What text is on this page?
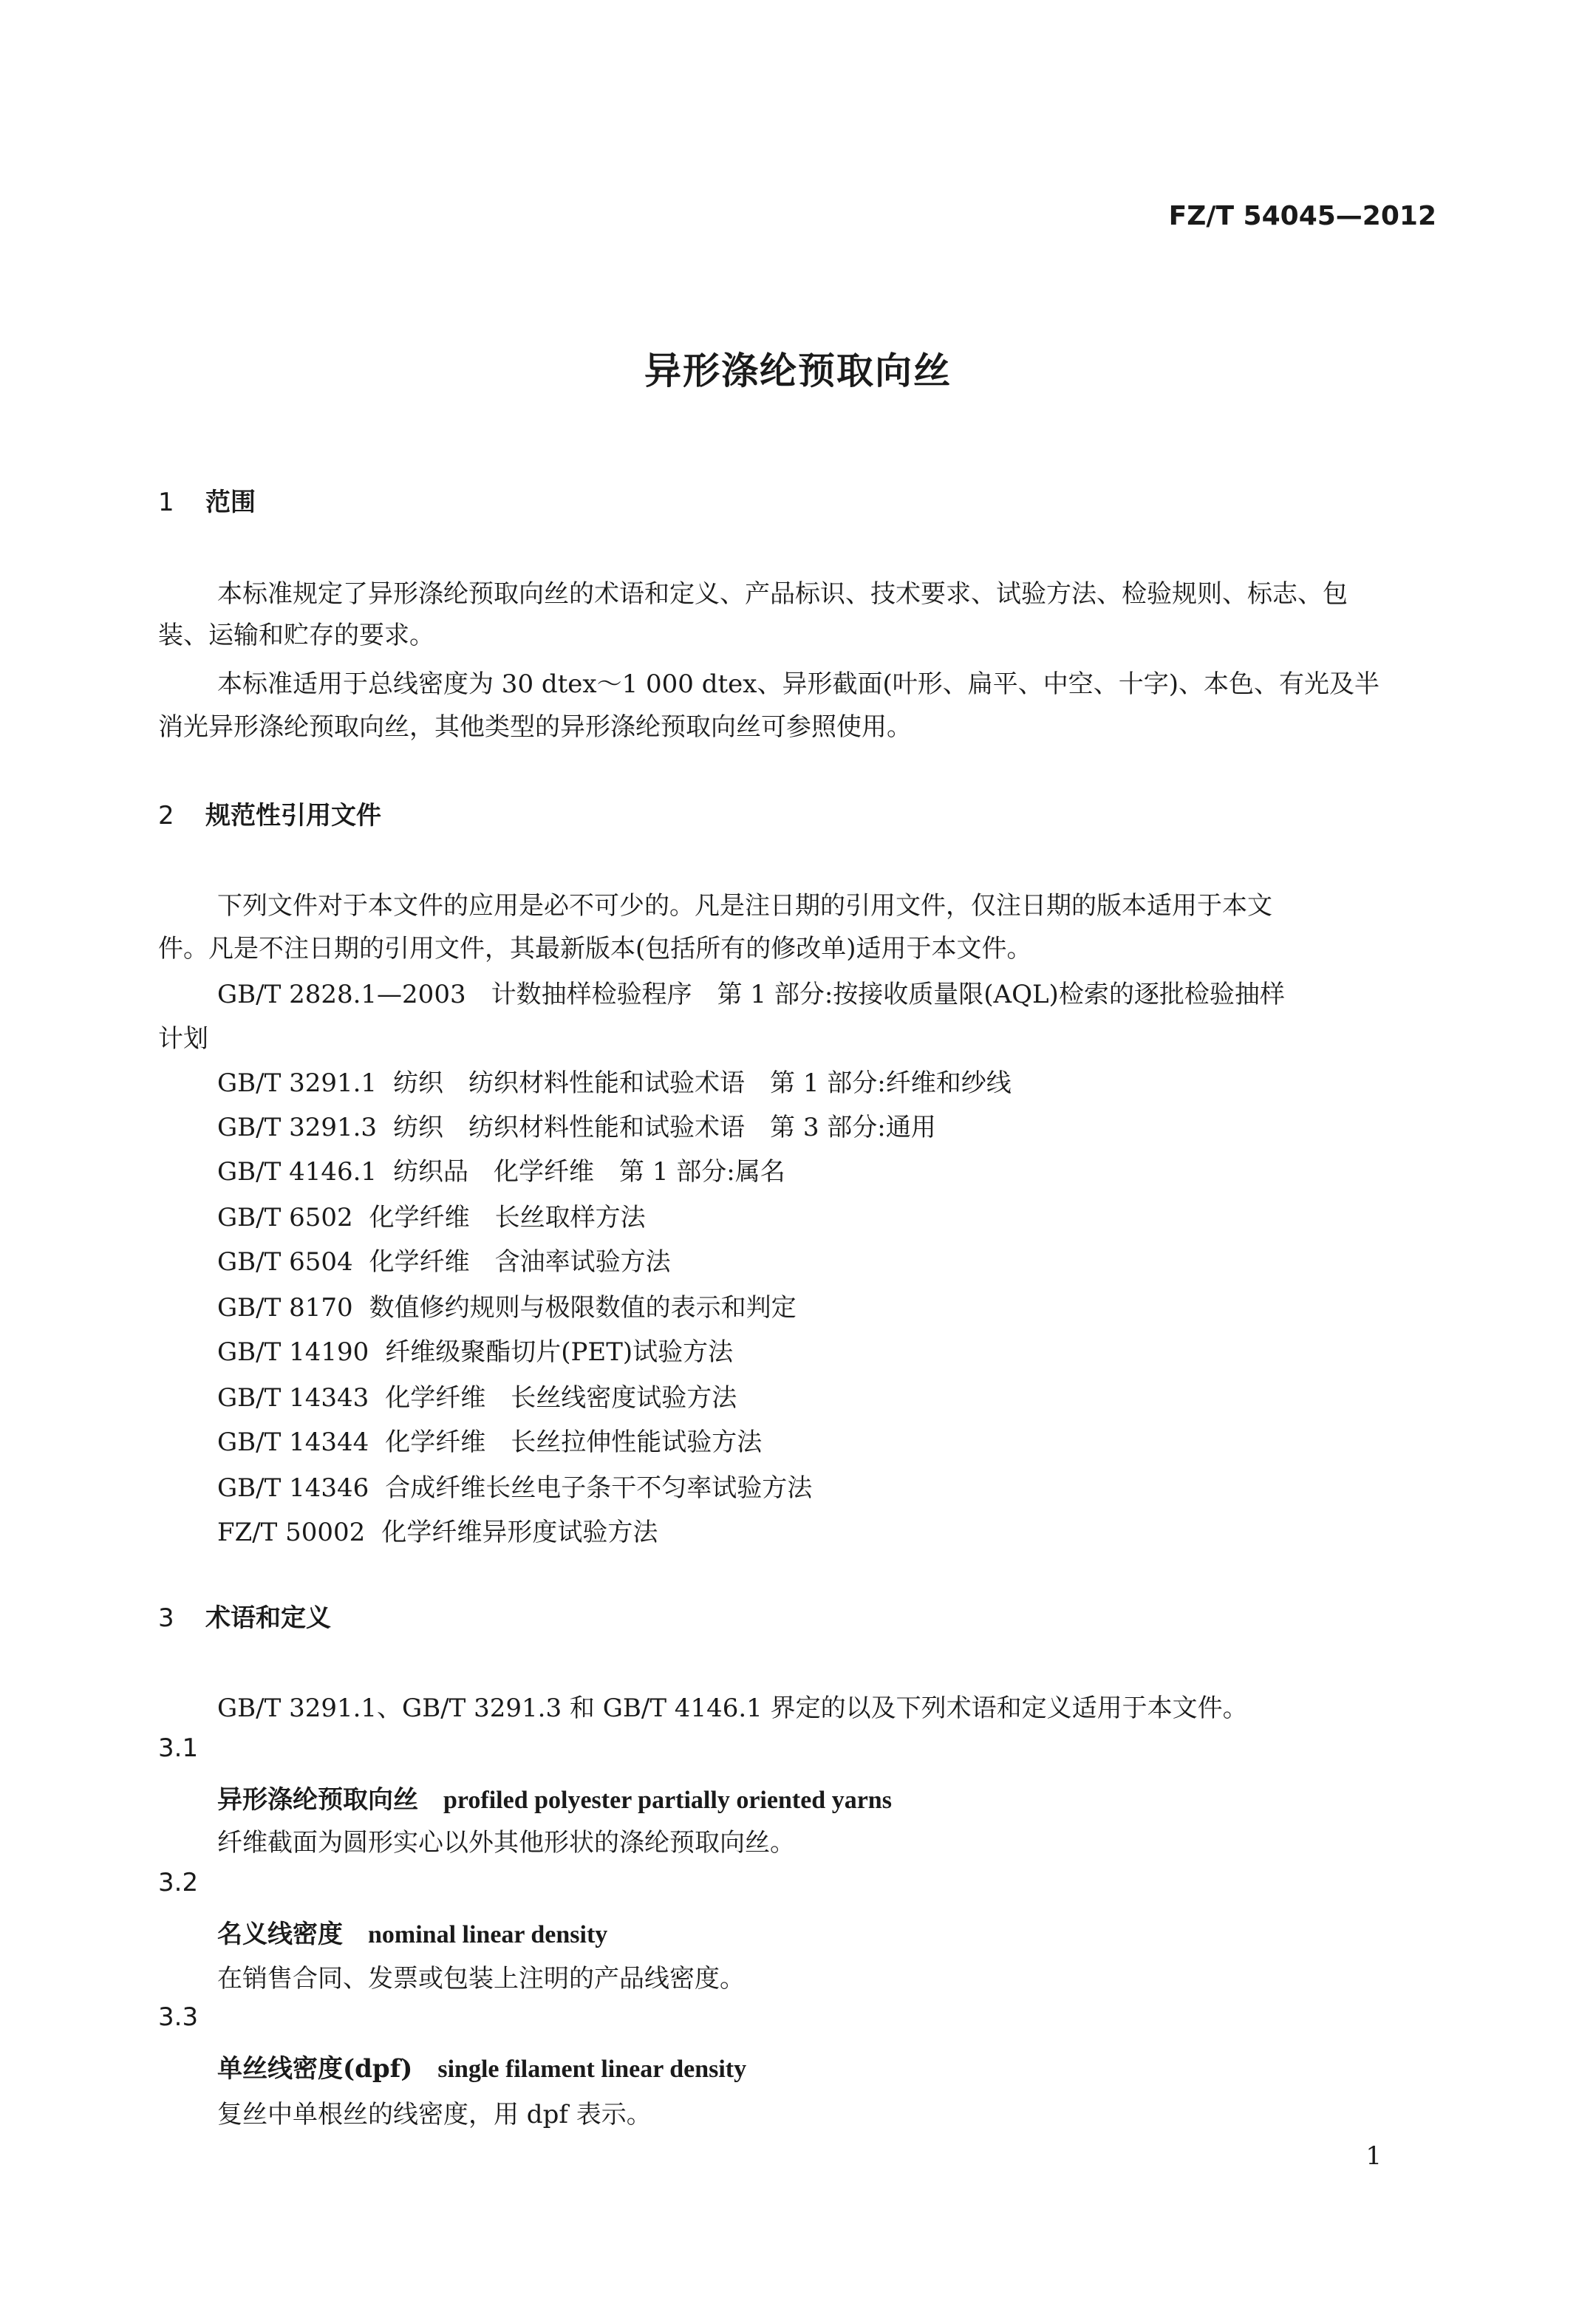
FZ/T 54045—2012
异形涤纶预取向丝
1 范围
本标准规定了异形涤纶预取向丝的术语和定义、产品标识、技术要求、试验方法、检验规则、标志、包
装、运输和贮存的要求。
本标准适用于总线密度为 30 dtex～1 000 dtex、异形截面(叶形、扁平、中空、十字)、本色、有光及半
消光异形涤纶预取向丝，其他类型的异形涤纶预取向丝可参照使用。
2 规范性引用文件
下列文件对于本文件的应用是必不可少的。凡是注日期的引用文件，仅注日期的版本适用于本文
件。凡是不注日期的引用文件，其最新版本(包括所有的修改单)适用于本文件。
GB/T 2828.1—2003　计数抽样检验程序　第 1 部分:按接收质量限(AQL)检索的逐批检验抽样
计划
GB/T 3291.1 纺织　纺织材料性能和试验术语　第 1 部分:纤维和纱线
GB/T 3291.3 纺织　纺织材料性能和试验术语　第 3 部分:通用
GB/T 4146.1 纺织品　化学纤维　第 1 部分:属名
GB/T 6502 化学纤维　长丝取样方法
GB/T 6504 化学纤维　含油率试验方法
GB/T 8170 数值修约规则与极限数值的表示和判定
GB/T 14190 纤维级聚酯切片(PET)试验方法
GB/T 14343 化学纤维　长丝线密度试验方法
GB/T 14344 化学纤维　长丝拉伸性能试验方法
GB/T 14346 合成纤维长丝电子条干不匀率试验方法
FZ/T 50002 化学纤维异形度试验方法
3 术语和定义
GB/T 3291.1、GB/T 3291.3 和 GB/T 4146.1 界定的以及下列术语和定义适用于本文件。
3.1
异形涤纶预取向丝 profiled polyester partially oriented yarns
纤维截面为圆形实心以外其他形状的涤纶预取向丝。
3.2
名义线密度 nominal linear density
在销售合同、发票或包装上注明的产品线密度。
3.3
单丝线密度(dpf) single filament linear density
复丝中单根丝的线密度，用 dpf 表示。
1
